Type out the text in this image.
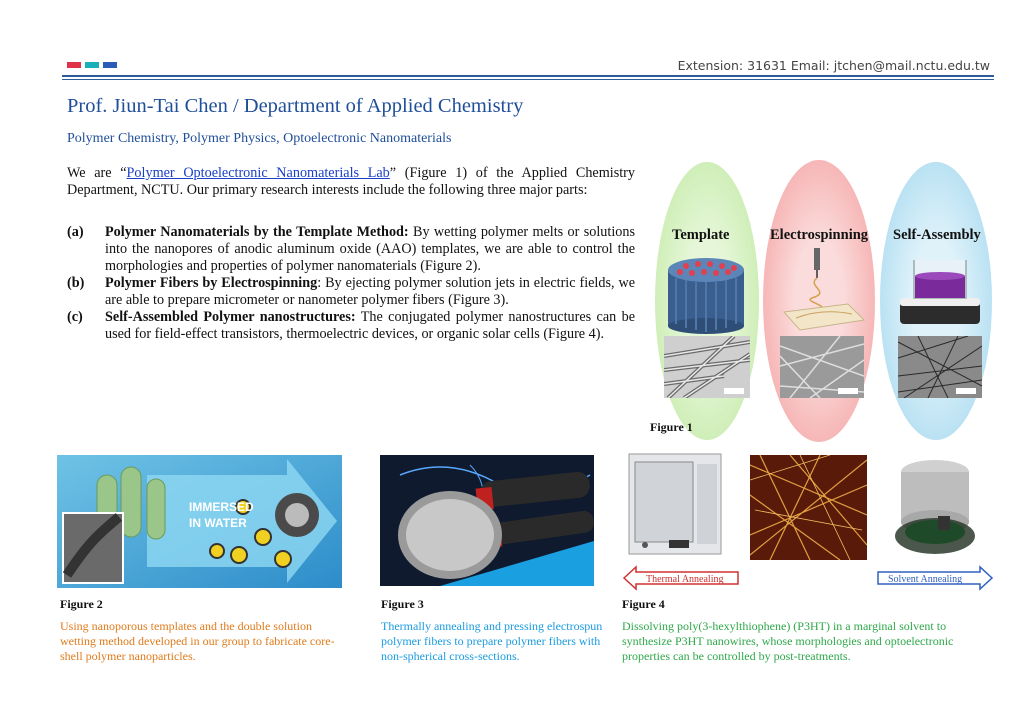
Extension: 31631 Email: jtchen@mail.nctu.edu.tw
Prof. Jiun-Tai Chen / Department of Applied Chemistry
Polymer Chemistry, Polymer Physics, Optoelectronic Nanomaterials
We are “Polymer Optoelectronic Nanomaterials Lab” (Figure 1) of the Applied Chemistry Department, NCTU. Our primary research interests include the following three major parts:
(a)	Polymer Nanomaterials by the Template Method: By wetting polymer melts or solutions into the nanopores of anodic aluminum oxide (AAO) templates, we are able to control the morphologies and properties of polymer nanomaterials (Figure 2).
(b)	Polymer Fibers by Electrospinning: By ejecting polymer solution jets in electric fields, we are able to prepare micrometer or nanometer polymer fibers (Figure 3).
(c)	Self-Assembled Polymer nanostructures: The conjugated polymer nanostructures can be used for field-effect transistors, thermoelectric devices, or organic solar cells (Figure 4).
Template	Electrospinning Self-Assembly
Figure 1
IMMERSED
IN WATER
Figure 2
Using nanoporous templates and the double solution wetting method developed in our group to fabricate core-shell polymer nanoparticles.
Figure 3
Thermally annealing and pressing electrospun polymer fibers to prepare polymer fibers with non-spherical cross-sections.
Thermal Annealing	Solvent Annealing
Figure 4
Dissolving poly(3-hexylthiophene) (P3HT) in a marginal solvent to synthesize P3HT nanowires, whose morphologies and optoelectronic properties can be controlled by post-treatments.
